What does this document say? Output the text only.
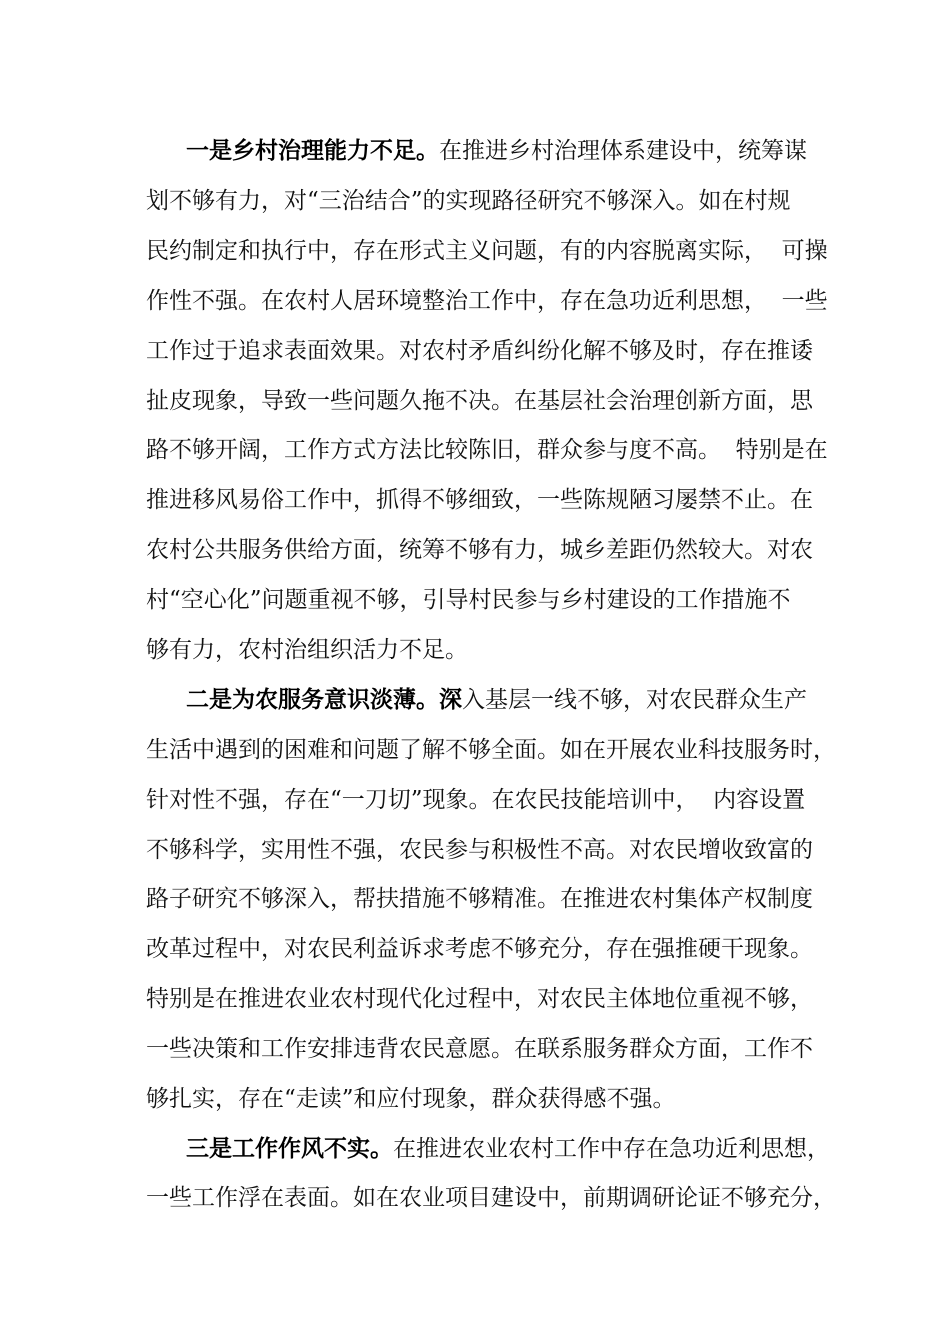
一是乡村治理能力不足。在推进乡村治理体系建设中，统筹谋
划不够有力，对“三治结合”的实现路径研究不够深入。如在村规
民约制定和执行中，存在形式主义问题，有的内容脱离实际，  可操
作性不强。在农村人居环境整治工作中，存在急功近利思想，  一些
工作过于追求表面效果。对农村矛盾纠纷化解不够及时，存在推诿
扯皮现象，导致一些问题久拖不决。在基层社会治理创新方面，思
路不够开阔，工作方式方法比较陈旧，群众参与度不高。  特别是在
推进移风易俗工作中，抓得不够细致，一些陈规陋习屡禁不止。在
农村公共服务供给方面，统筹不够有力，城乡差距仍然较大。对农
村“空心化”问题重视不够，引导村民参与乡村建设的工作措施不
够有力，农村治组织活力不足。
二是为农服务意识淡薄。深入基层一线不够，对农民群众生产
生活中遇到的困难和问题了解不够全面。如在开展农业科技服务时，
针对性不强，存在“一刀切”现象。在农民技能培训中，  内容设置
不够科学，实用性不强，农民参与积极性不高。对农民增收致富的
路子研究不够深入，帮扶措施不够精准。在推进农村集体产权制度
改革过程中，对农民利益诉求考虑不够充分，存在强推硬干现象。
特别是在推进农业农村现代化过程中，对农民主体地位重视不够，
一些决策和工作安排违背农民意愿。在联系服务群众方面，工作不
够扎实，存在“走读”和应付现象，群众获得感不强。
三是工作作风不实。在推进农业农村工作中存在急功近利思想，
一些工作浮在表面。如在农业项目建设中，前期调研论证不够充分，
